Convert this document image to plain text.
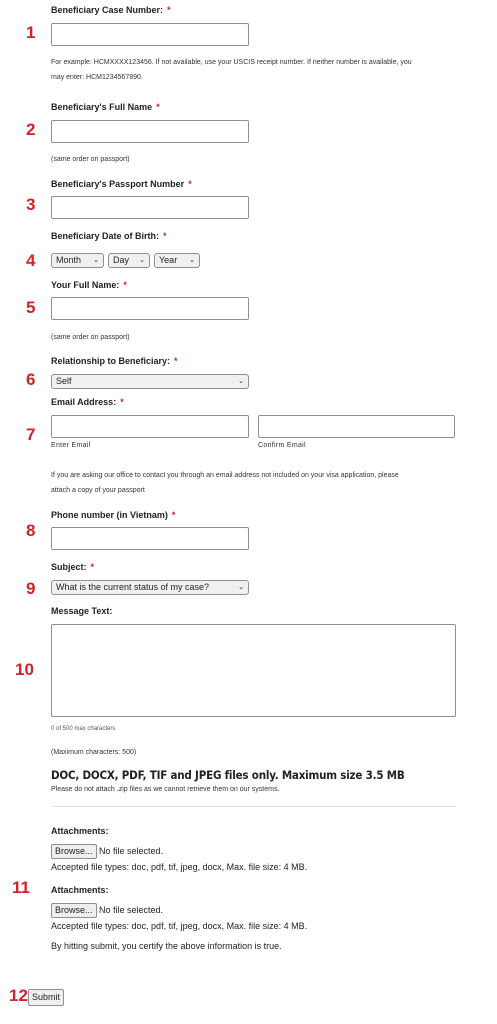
1
2
3
4
5
6
7
8
9
10
11
12
Beneficiary Case Number: *
For example: HCMXXXX123456. If not available, use your USCIS receipt number. If neither number is available, you
may enter: HCM1234567890.
Beneficiary's Full Name *
(same order on passport)
Beneficiary's Passport Number *
Beneficiary Date of Birth: *
Month ⌄	Day ⌄	Year ⌄
Your Full Name: *
(same order on passport)
Relationship to Beneficiary: *
Self	⌄
Email Address: *
Enter Email	Confirm Email
If you are asking our office to contact you through an email address not included on your visa application, please
attach a copy of your passport
Phone number (in Vietnam) *
Subject: *
What is the current status of my case?	⌄
Message Text:
0 of 500 max characters
(Maximum characters: 500)
DOC, DOCX, PDF, TIF and JPEG files only. Maximum size 3.5 MB
Please do not attach .zip files as we cannot retrieve them on our systems.
Attachments:
Browse... No file selected.
Accepted file types: doc, pdf, tif, jpeg, docx, Max. file size: 4 MB.
Attachments:
Browse... No file selected.
Accepted file types: doc, pdf, tif, jpeg, docx, Max. file size: 4 MB.
By hitting submit, you certify the above information is true.
Submit
